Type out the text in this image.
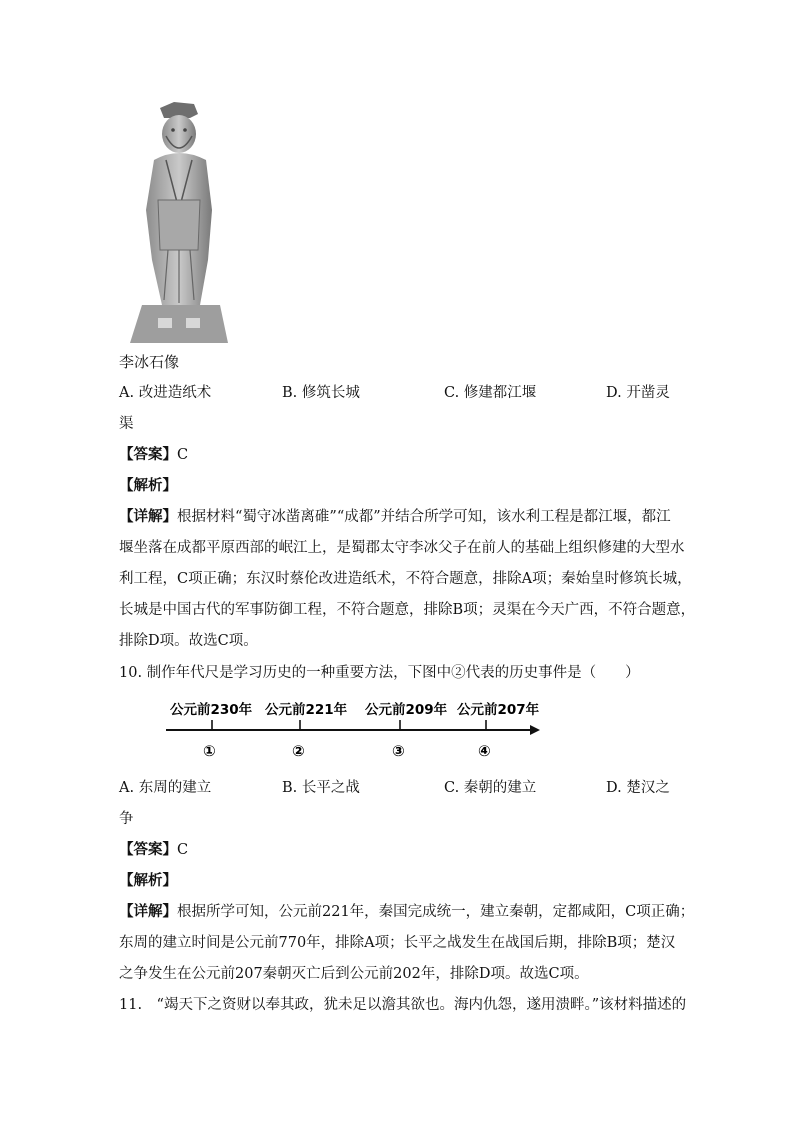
李冰石像
A. 改进造纸术	B. 修筑长城	C. 修建都江堰	D. 开凿灵
渠
【答案】C
【解析】
【详解】根据材料“蜀守冰凿离碓”“成都”并结合所学可知，该水利工程是都江堰，都江
堰坐落在成都平原西部的岷江上，是蜀郡太守李冰父子在前人的基础上组织修建的大型水
利工程，C项正确；东汉时蔡伦改进造纸术，不符合题意，排除A项；秦始皇时修筑长城，
长城是中国古代的军事防御工程，不符合题意，排除B项；灵渠在今天广西，不符合题意，
排除D项。故选C项。
10. 制作年代尺是学习历史的一种重要方法，下图中②代表的历史事件是（　　）
公元前230年 公元前221年 公元前209年 公元前207年
①	②	③	④
A. 东周的建立	B. 长平之战	C. 秦朝的建立	D. 楚汉之
争
【答案】C
【解析】
【详解】根据所学可知，公元前221年，秦国完成统一，建立秦朝，定都咸阳，C项正确；
东周的建立时间是公元前770年，排除A项；长平之战发生在战国后期，排除B项；楚汉
之争发生在公元前207秦朝灭亡后到公元前202年，排除D项。故选C项。
11.　“竭天下之资财以奉其政，犹未足以澹其欲也。海内仇怨，遂用溃畔。”该材料描述的
